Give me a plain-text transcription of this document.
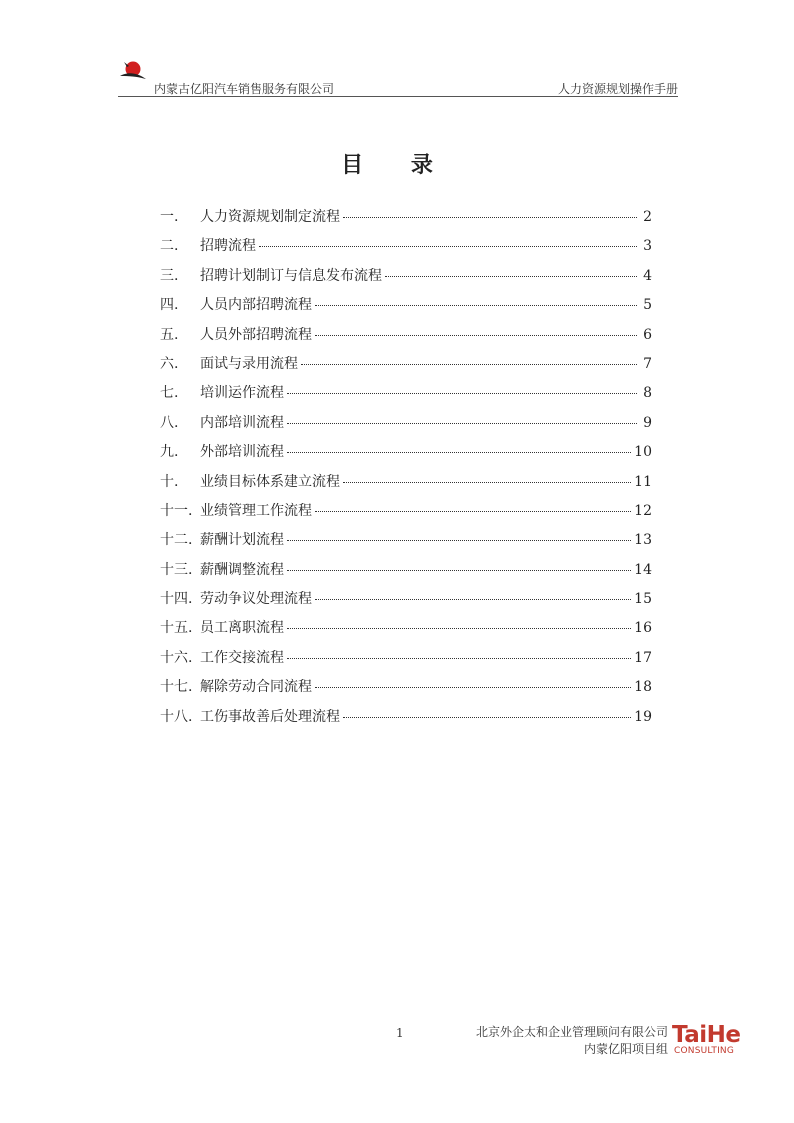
内蒙古亿阳汽车销售服务有限公司	人力资源规划操作手册
目 录
一.	人力资源规划制定流程	2
二.	招聘流程	3
三.	招聘计划制订与信息发布流程	4
四.	人员内部招聘流程	5
五.	人员外部招聘流程	6
六.	面试与录用流程	7
七.	培训运作流程	8
八.	内部培训流程	9
九.	外部培训流程	10
十.	业绩目标体系建立流程	11
十一. 业绩管理工作流程	12
十二. 薪酬计划流程	13
十三. 薪酬调整流程	14
十四. 劳动争议处理流程	15
十五. 员工离职流程	16
十六. 工作交接流程	17
十七. 解除劳动合同流程	18
十八. 工伤事故善后处理流程	19
1	北京外企太和企业管理顾问有限公司
内蒙亿阳项目组
TaiHe
CONSULTING
